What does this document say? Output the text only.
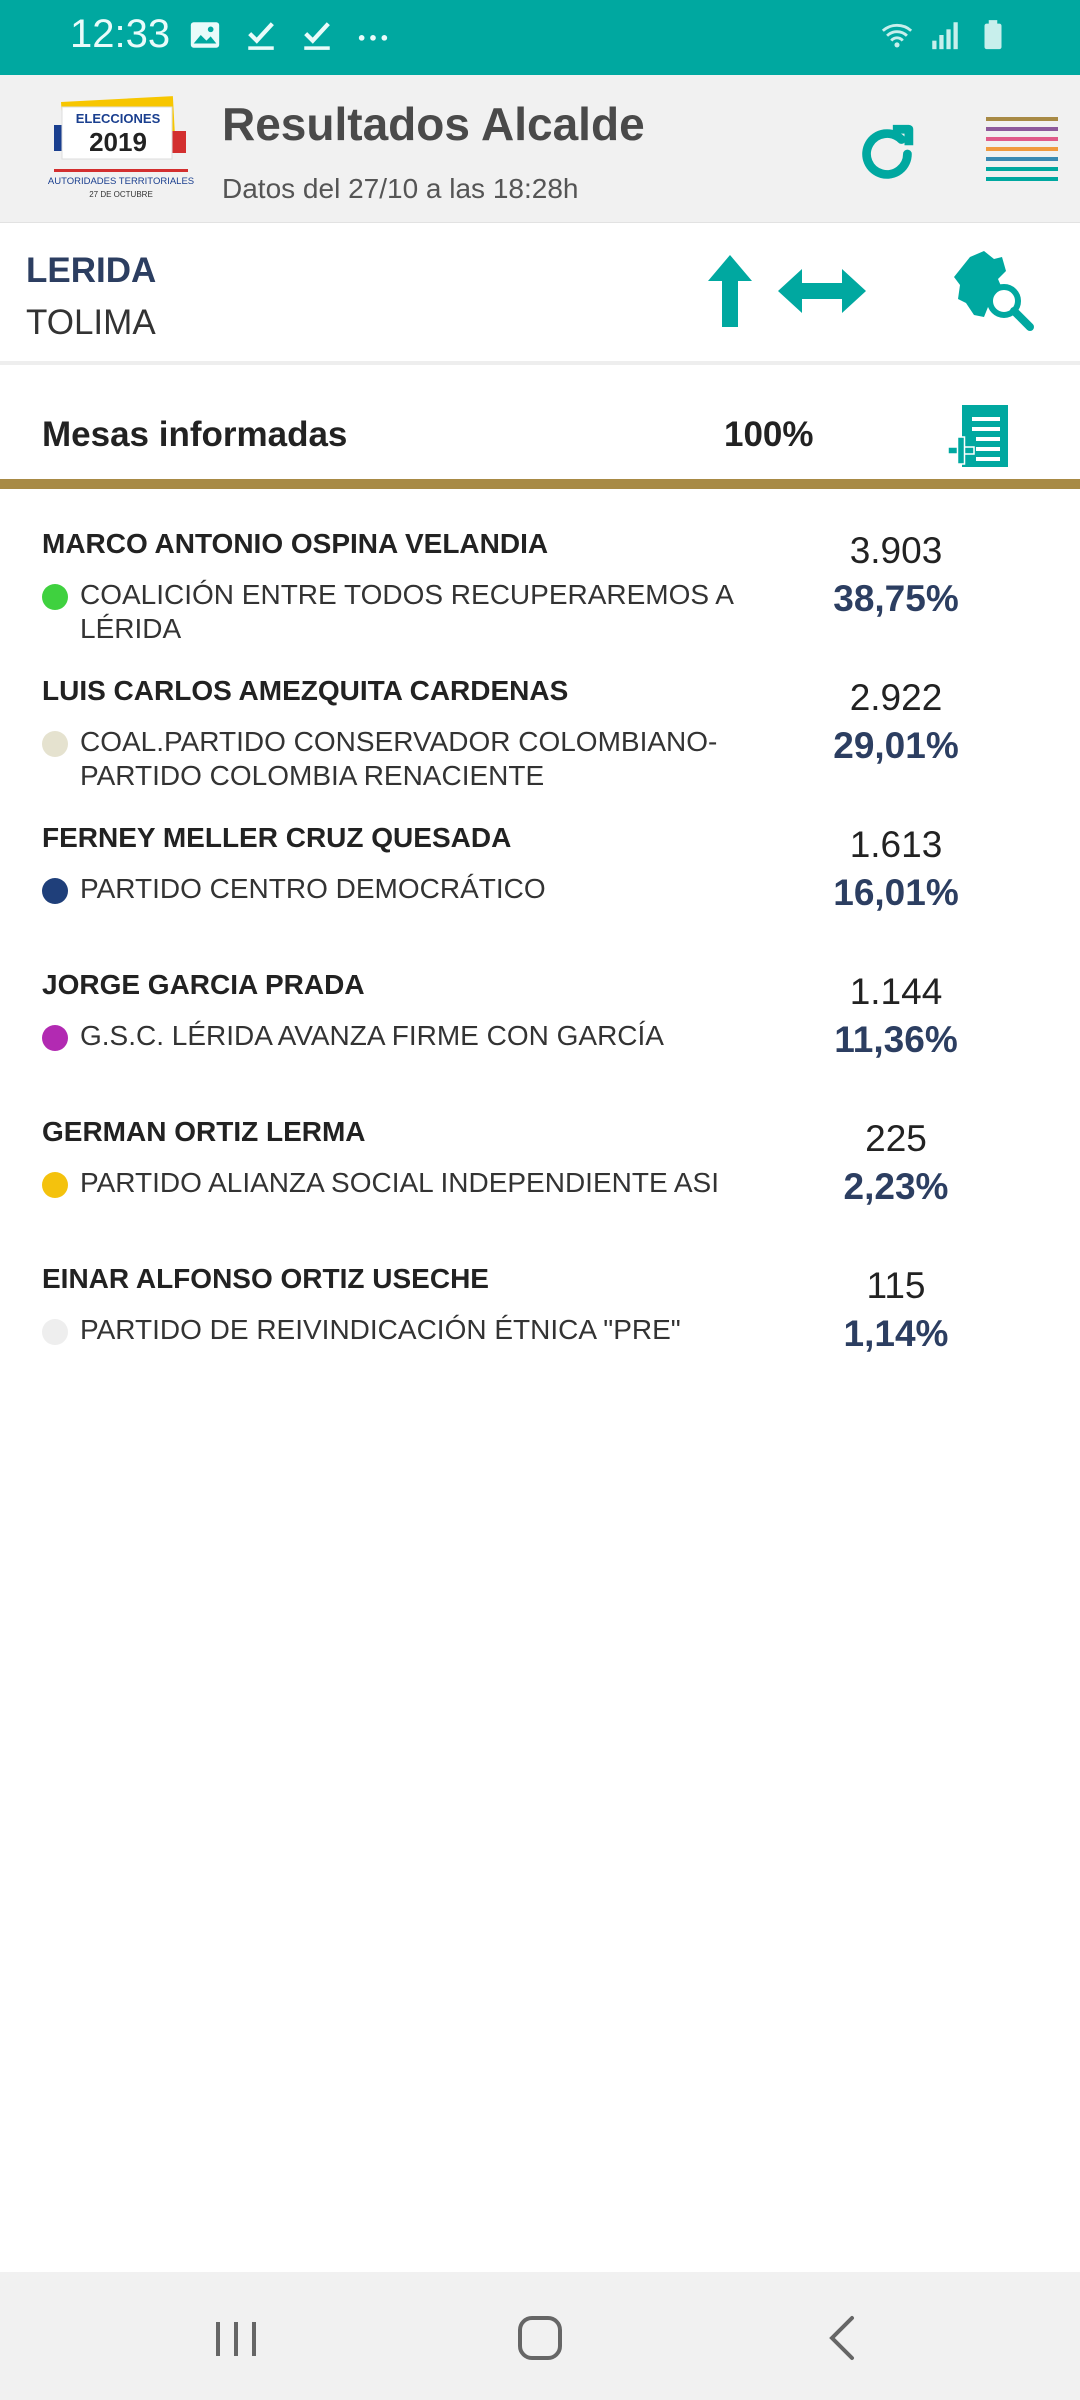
12:33
ELECCIONES
2019
AUTORIDADES TERRITORIALES
27 DE OCTUBRE
Resultados Alcalde
Datos del 27/10 a las 18:28h
LERIDA
TOLIMA
Mesas informadas	100%
MARCO ANTONIO OSPINA VELANDIA
COALICIÓN ENTRE TODOS RECUPERAREMOS A LÉRIDA
3.903
38,75%
LUIS CARLOS AMEZQUITA CARDENAS
COAL.PARTIDO CONSERVADOR COLOMBIANO- PARTIDO COLOMBIA RENACIENTE
2.922
29,01%
FERNEY MELLER CRUZ QUESADA
PARTIDO CENTRO DEMOCRÁTICO
1.613
16,01%
JORGE GARCIA PRADA
G.S.C. LÉRIDA AVANZA FIRME CON GARCÍA
1.144
11,36%
GERMAN ORTIZ LERMA
PARTIDO ALIANZA SOCIAL INDEPENDIENTE ASI
225
2,23%
EINAR ALFONSO ORTIZ USECHE
PARTIDO DE REIVINDICACIÓN ÉTNICA "PRE"
115
1,14%
